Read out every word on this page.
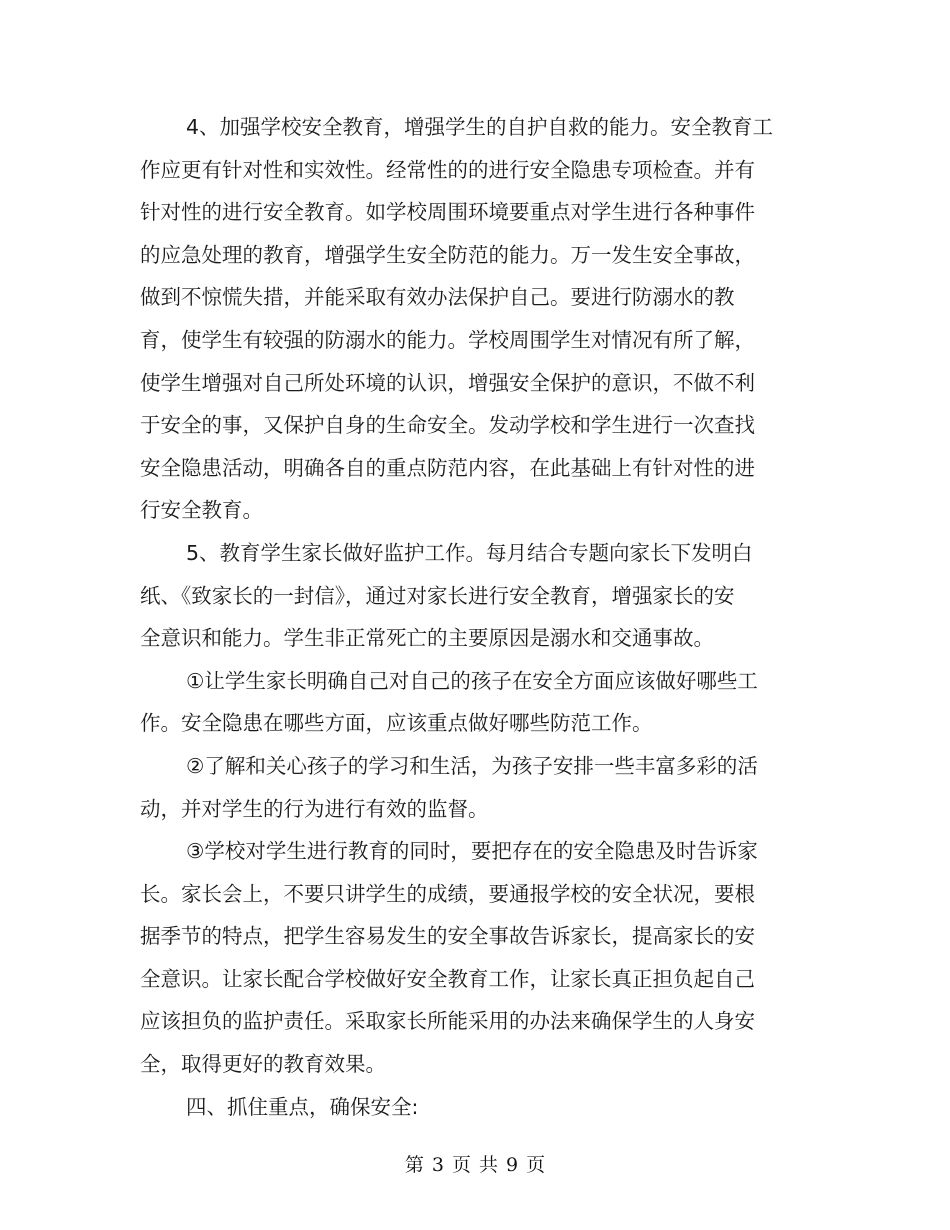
4、加强学校安全教育，增强学生的自护自救的能力。安全教育工
作应更有针对性和实效性。经常性的的进行安全隐患专项检查。并有
针对性的进行安全教育。如学校周围环境要重点对学生进行各种事件
的应急处理的教育，增强学生安全防范的能力。万一发生安全事故，
做到不惊慌失措，并能采取有效办法保护自己。要进行防溺水的教
育，使学生有较强的防溺水的能力。学校周围学生对情况有所了解，
使学生增强对自己所处环境的认识，增强安全保护的意识，不做不利
于安全的事，又保护自身的生命安全。发动学校和学生进行一次查找
安全隐患活动，明确各自的重点防范内容，在此基础上有针对性的进
行安全教育。
5、教育学生家长做好监护工作。每月结合专题向家长下发明白
纸、《致家长的一封信》，通过对家长进行安全教育，增强家长的安
全意识和能力。学生非正常死亡的主要原因是溺水和交通事故。
①让学生家长明确自己对自己的孩子在安全方面应该做好哪些工
作。安全隐患在哪些方面，应该重点做好哪些防范工作。
②了解和关心孩子的学习和生活，为孩子安排一些丰富多彩的活
动，并对学生的行为进行有效的监督。
③学校对学生进行教育的同时，要把存在的安全隐患及时告诉家
长。家长会上，不要只讲学生的成绩，要通报学校的安全状况，要根
据季节的特点，把学生容易发生的安全事故告诉家长，提高家长的安
全意识。让家长配合学校做好安全教育工作，让家长真正担负起自己
应该担负的监护责任。采取家长所能采用的办法来确保学生的人身安
全，取得更好的教育效果。
四、抓住重点，确保安全:
第 3 页 共 9 页
